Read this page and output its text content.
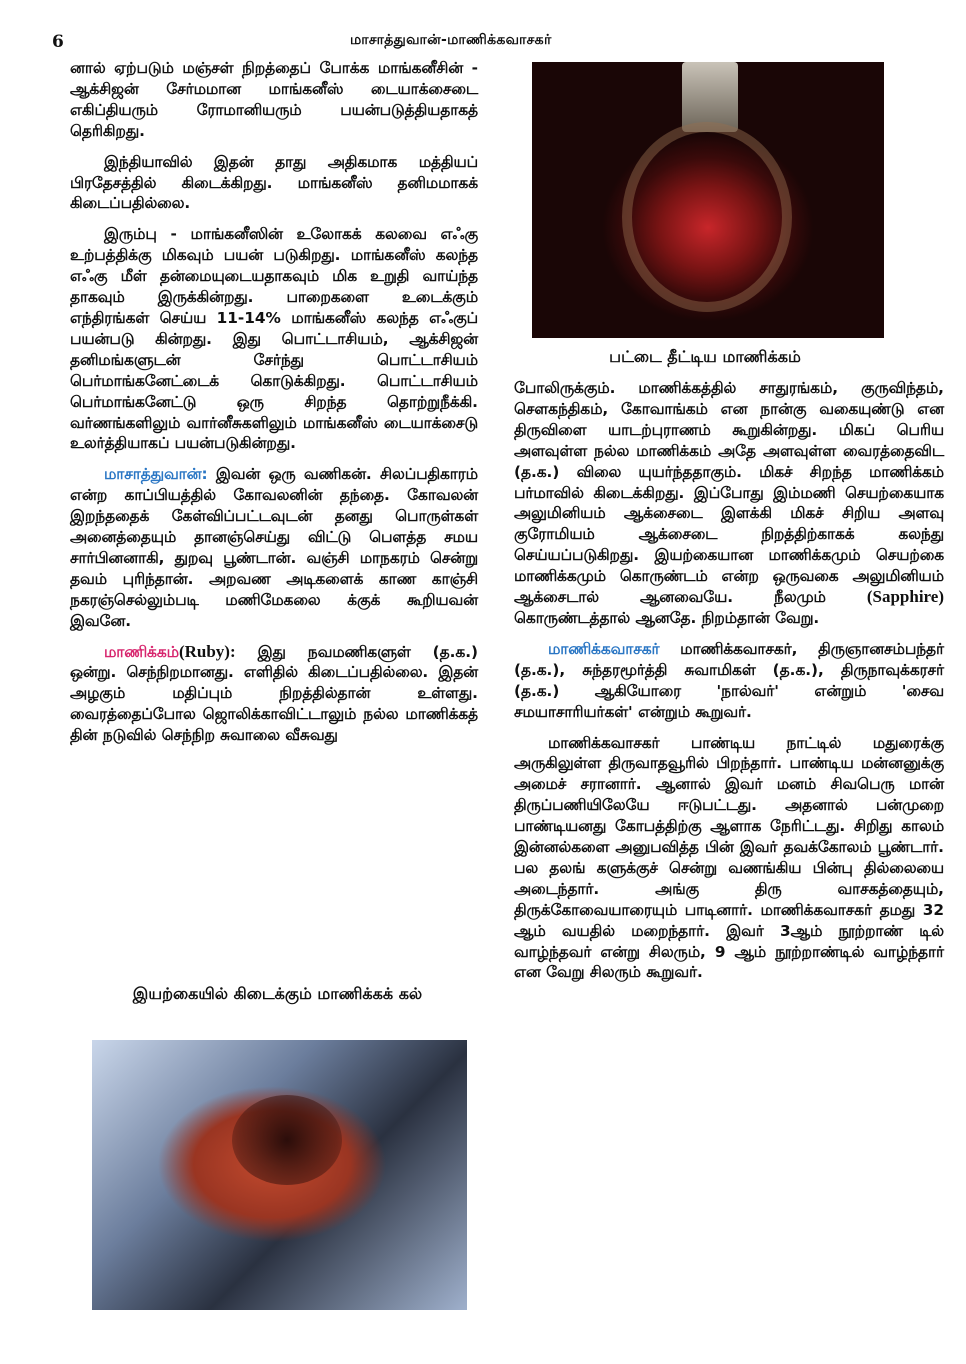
6	மாசாத்துவான்-மாணிக்கவாசகர்
பட்டை தீட்டிய மாணிக்கம்

னால் ஏற்படும் மஞ்சள் நிறத்தைப் போக்க மாங்கனீசின் - ஆக்சிஜன் சேர்மமான மாங்கனீஸ் டையாக்சைடை எகிப்தியரும் ரோமானியரும் பயன்படுத்தியதாகத் தெரிகிறது.

இந்தியாவில் இதன் தாது அதிகமாக மத்தியப் பிரதேசத்தில் கிடைக்கிறது. மாங்கனீஸ் தனிமமாகக் கிடைப்பதில்லை.

இரும்பு - மாங்கனீஸின் உலோகக் கலவை எஃகு உற்பத்திக்கு மிகவும் பயன் படுகிறது. மாங்கனீஸ் கலந்த எஃகு மீள் தன்மையுடையதாகவும் மிக உறுதி வாய்ந்த தாகவும் இருக்கின்றது. பாறைகளை உடைக்கும் எந்திரங்கள் செய்ய 11-14% மாங்கனீஸ் கலந்த எஃகுப் பயன்படு கின்றது. இது பொட்டாசியம், ஆக்சிஜன் தனிமங்களுடன் சேர்ந்து பொட்டாசியம் பெர்மாங்கனேட்டைக் கொடுக்கிறது. பொட்டாசியம் பெர்மாங்கனேட்டு ஒரு சிறந்த தொற்றுநீக்கி. வர்ணங்களிலும் வார்னீசுகளிலும் மாங்கனீஸ் டையாக்சைடு உலர்த்தியாகப் பயன்படுகின்றது.

மாசாத்துவான்: இவன் ஒரு வணிகன். சிலப்பதிகாரம் என்ற காப்பியத்தில் கோவலனின் தந்தை. கோவலன் இறந்ததைக் கேள்விப்பட்டவுடன் தனது பொருள்கள் அனைத்தையும் தானஞ்செய்து விட்டு பௌத்த சமய சார்பினனாகி, துறவு பூண்டான். வஞ்சி மாநகரம் சென்று தவம் புரிந்தான். அறவண அடிகளைக் காண காஞ்சி நகரஞ்செல்லும்படி மணிமேகலை க்குக் கூறியவன் இவனே.

மாணிக்கம்(Ruby): இது நவமணிகளுள் (த.க.) ஒன்று. செந்நிறமானது. எளிதில் கிடைப்பதில்லை. இதன் அழகும் மதிப்பும் நிறத்தில்தான் உள்ளது. வைரத்தைப்போல ஜொலிக்காவிட்டாலும் நல்ல மாணிக்கத் தின் நடுவில் செந்நிற சுவாலை வீசுவது

இயற்கையில் கிடைக்கும் மாணிக்கக் கல்

போலிருக்கும். மாணிக்கத்தில் சாதுரங்கம், குருவிந்தம், சௌகந்திகம், கோவாங்கம் என நான்கு வகையுண்டு என திருவிளை யாடற்புராணம் கூறுகின்றது. மிகப் பெரிய அளவுள்ள நல்ல மாணிக்கம் அதே அளவுள்ள வைரத்தைவிட (த.க.) விலை யுயர்ந்ததாகும். மிகச் சிறந்த மாணிக்கம் பர்மாவில் கிடைக்கிறது. இப்போது இம்மணி செயற்கையாக அலுமினியம் ஆக்சைடை இளக்கி மிகச் சிறிய அளவு குரோமியம் ஆக்சைடை நிறத்திற்காகக் கலந்து செய்யப்படுகிறது. இயற்கையான மாணிக்கமும் செயற்கை மாணிக்கமும் கொருண்டம் என்ற ஒருவகை அலுமினியம் ஆக்சைடால் ஆனவையே. நீலமும் (Sapphire) கொருண்டத்தால் ஆனதே. நிறம்தான் வேறு.

மாணிக்கவாசகர் மாணிக்கவாசகர், திருஞானசம்பந்தர் (த.க.), சுந்தரமூர்த்தி சுவாமிகள் (த.க.), திருநாவுக்கரசர் (த.க.) ஆகியோரை 'நால்வர்' என்றும் 'சைவ சமயாசாரியர்கள்' என்றும் கூறுவர்.

மாணிக்கவாசகர் பாண்டிய நாட்டில் மதுரைக்கு அருகிலுள்ள திருவாதவூரில் பிறந்தார். பாண்டிய மன்னனுக்கு அமைச் சரானார். ஆனால் இவர் மனம் சிவபெரு மான் திருப்பணியிலேயே ஈடுபட்டது. அதனால் பன்முறை பாண்டியனது கோபத்திற்கு ஆளாக நேரிட்டது. சிறிது காலம் இன்னல்களை அனுபவித்த பின் இவர் தவக்கோலம் பூண்டார். பல தலங் களுக்குச் சென்று வணங்கிய பின்பு தில்லையை அடைந்தார். அங்கு திரு வாசகத்தையும், திருக்கோவையாரையும் பாடினார். மாணிக்கவாசகர் தமது 32 ஆம் வயதில் மறைந்தார். இவர் 3ஆம் நூற்றாண் டில் வாழ்ந்தவர் என்று சிலரும், 9 ஆம் நூற்றாண்டில் வாழ்ந்தார் என வேறு சிலரும் கூறுவர்.
